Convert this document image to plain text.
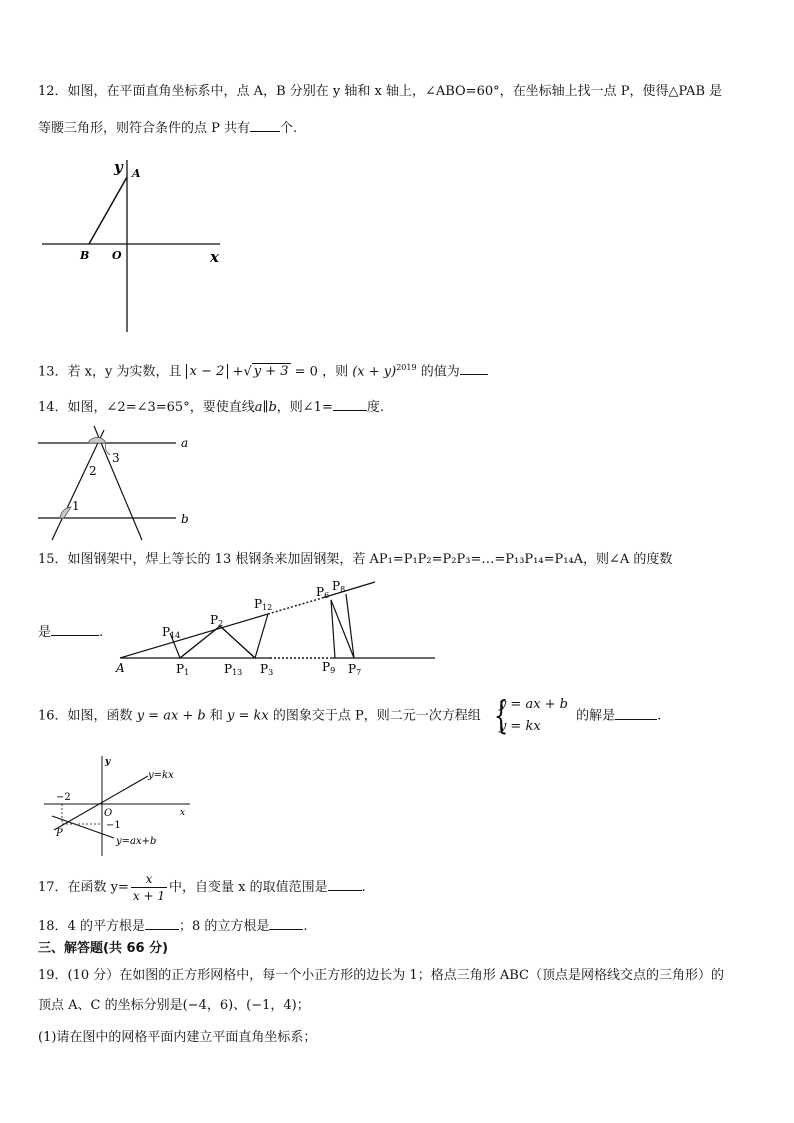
12．如图，在平面直角坐标系中，点 A，B 分别在 y 轴和 x 轴上，∠ABO=60°，在坐标轴上找一点 P，使得△PAB 是
等腰三角形，则符合条件的点 P 共有 个.
y A
B O	x
13．若 x，y 为实数，且 x − 2 +√ y + 3 = 0 ，则 $(x + y)^{2019}$ 的值为
14．如图，∠2=∠3=65°，要使直线a∥b，则∠1=	度.
2
3
1
a
b
15．如图钢架中，焊上等长的 13 根钢条来加固钢架，若 AP₁=P₁P₂=P₂P₃=…=P₁₃P₁₄=P₁₄A，则∠A 的度数
是	.
A	P1
P2
P3
P12
P13
P14
P6
P8
P9 P7
16．如图，函数 y = ax + b 和 y = kx 的图象交于点 P，则二元一次方程组 {
y = ax + b
y = kx
的解是	.
y
x
O
−2
−1
P
y=kx
y=ax+b
17．在函数 $y= \frac{x}{x + 1}$ 中，自变量 x 的取值范围是	.
18．4 的平方根是	；8 的立方根是	.
三、解答题(共 66 分)
19．(10 分）在如图的正方形网格中，每一个小正方形的边长为 1；格点三角形 ABC（顶点是网格线交点的三角形）的
顶点 A、C 的坐标分别是(−4，6)、(−1，4)；
(1)请在图中的网格平面内建立平面直角坐标系；
